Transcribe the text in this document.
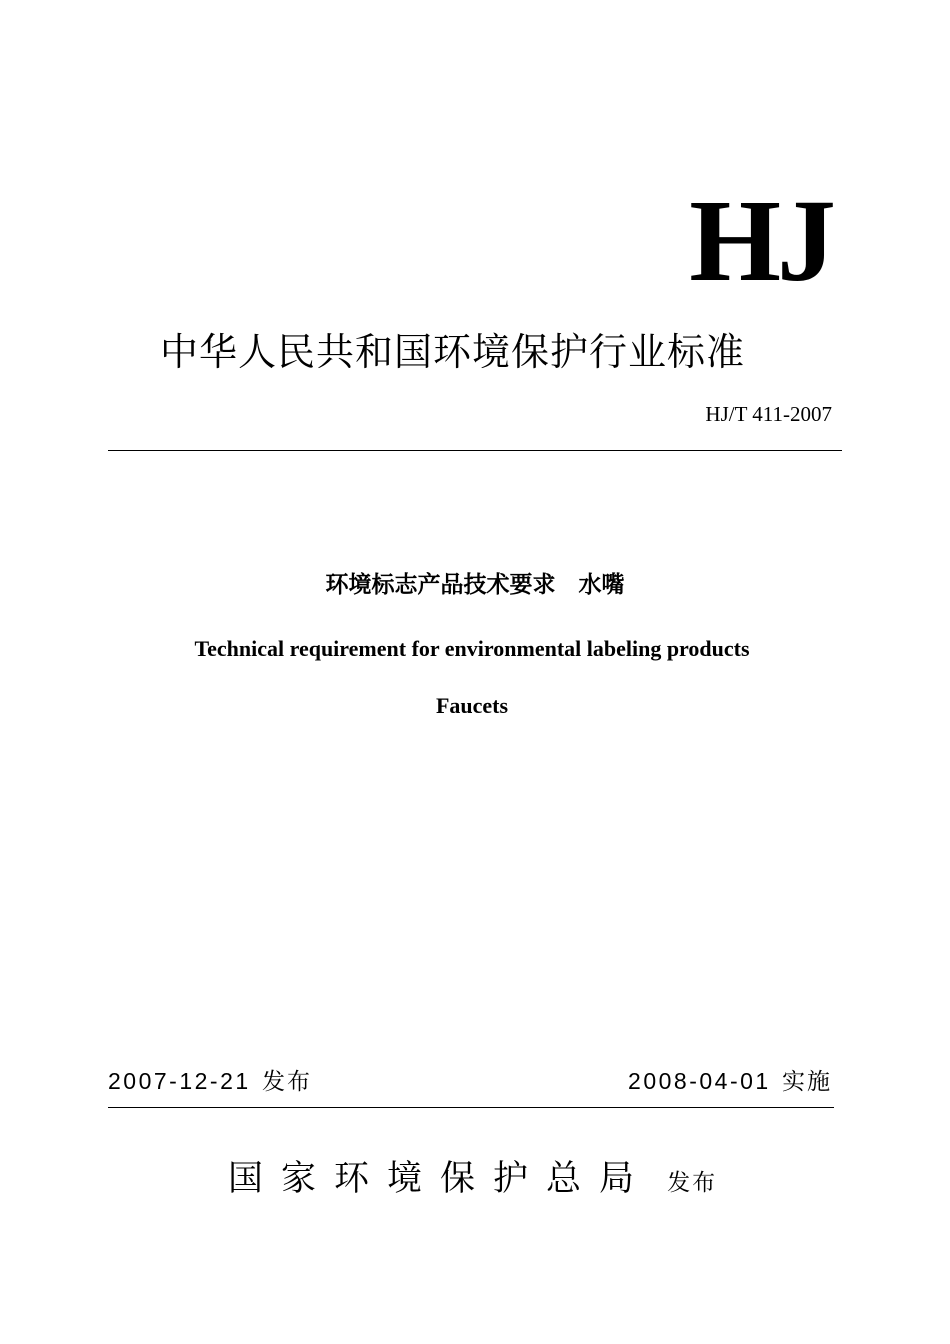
HJ
中华人民共和国环境保护行业标准
HJ/T 411-2007
环境标志产品技术要求　水嘴
Technical requirement for environmental labeling products
Faucets
2007-12-21 发布	2008-04-01 实施
国家环境保护总局 发布
